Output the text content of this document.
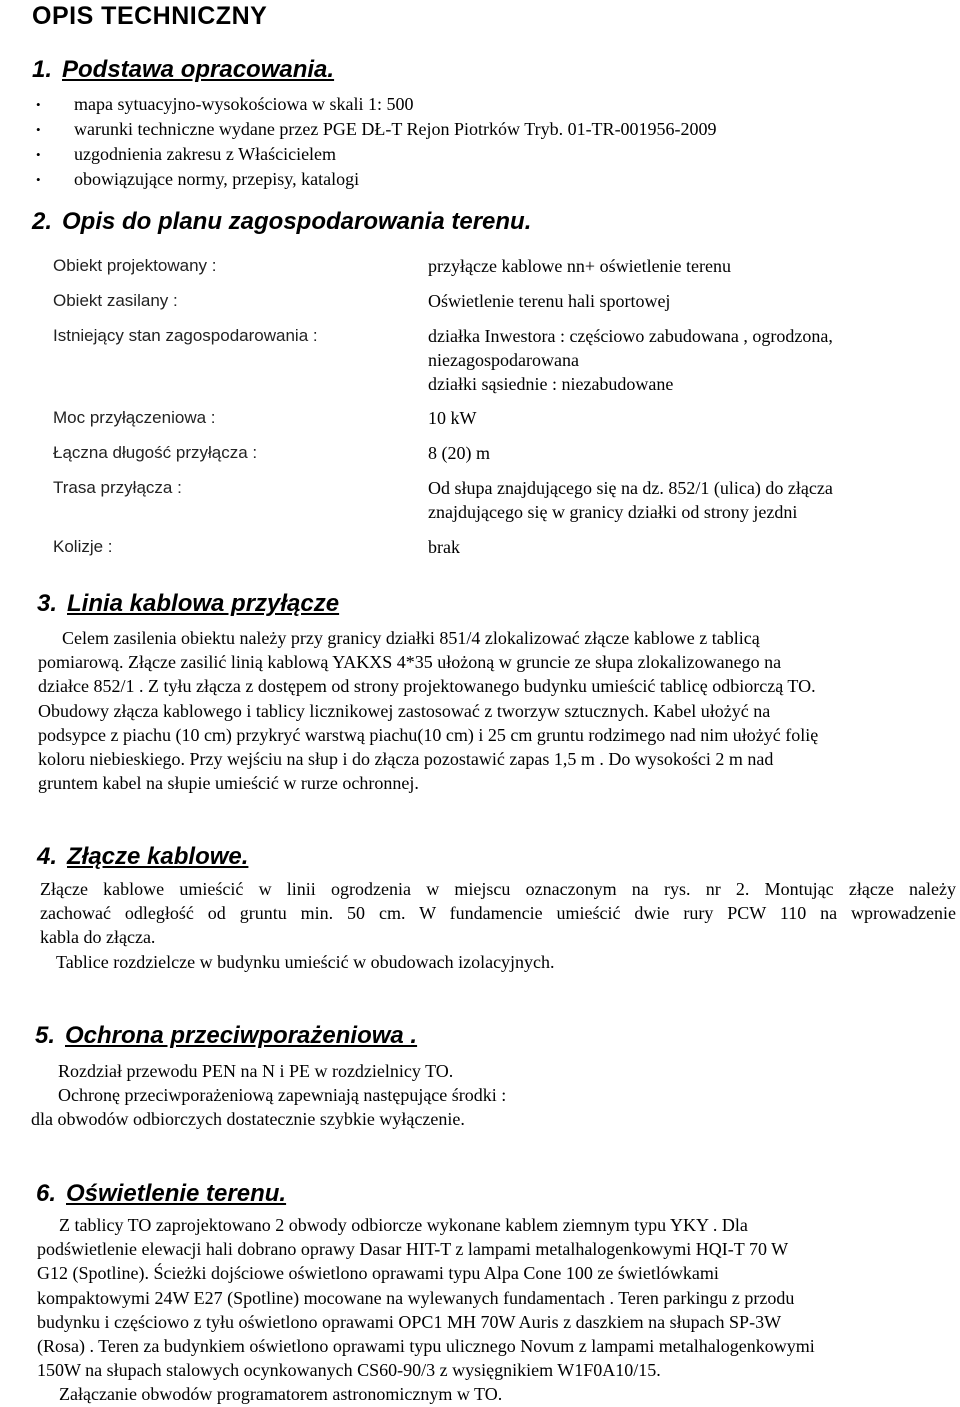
OPIS TECHNICZNY
1. Podstawa opracowania.
• mapa sytuacyjno-wysokościowa w skali 1: 500
• warunki techniczne wydane przez PGE DŁ-T Rejon Piotrków Tryb. 01-TR-001956-2009
• uzgodnienia zakresu z Właścicielem
• obowiązujące normy, przepisy, katalogi
2. Opis do planu zagospodarowania terenu.
Obiekt projektowany :	przyłącze kablowe nn+ oświetlenie terenu
Obiekt zasilany :	Oświetlenie terenu hali sportowej
Istniejący stan zagospodarowania :	działka Inwestora : częściowo zabudowana , ogrodzona,
niezagospodarowana
działki sąsiednie : niezabudowane
Moc przyłączeniowa :	10 kW
Łączna długość przyłącza :	8 (20) m
Trasa przyłącza :	Od słupa znajdującego się na dz. 852/1 (ulica) do złącza
znajdującego się w granicy działki od strony jezdni
Kolizje :	brak
3. Linia kablowa przyłącze
Celem zasilenia obiektu należy przy granicy działki 851/4 zlokalizować złącze kablowe z tablicą
pomiarową. Złącze zasilić linią kablową YAKXS 4*35 ułożoną w gruncie ze słupa zlokalizowanego na
działce 852/1 . Z tyłu złącza z dostępem od strony projektowanego budynku umieścić tablicę odbiorczą TO.
Obudowy złącza kablowego i tablicy licznikowej zastosować z tworzyw sztucznych. Kabel ułożyć na
podsypce z piachu (10 cm) przykryć warstwą piachu(10 cm) i 25 cm gruntu rodzimego nad nim ułożyć folię
koloru niebieskiego. Przy wejściu na słup i do złącza pozostawić zapas 1,5 m . Do wysokości 2 m nad
gruntem kabel na słupie umieścić w rurze ochronnej.
4. Złącze kablowe.
Złącze kablowe umieścić w linii ogrodzenia w miejscu oznaczonym na rys. nr 2. Montując złącze należy
zachować odległość od gruntu min. 50 cm. W fundamencie umieścić dwie rury PCW 110 na wprowadzenie
kabla do złącza.
Tablice rozdzielcze w budynku umieścić w obudowach izolacyjnych.
5. Ochrona przeciwporażeniowa .
Rozdział przewodu PEN na N i PE w rozdzielnicy TO.
Ochronę przeciwporażeniową zapewniają następujące środki :
dla obwodów odbiorczych dostatecznie szybkie wyłączenie.
6. Oświetlenie terenu.
Z tablicy TO zaprojektowano 2 obwody odbiorcze wykonane kablem ziemnym typu YKY . Dla
podświetlenie elewacji hali dobrano oprawy Dasar HIT-T z lampami metalhalogenkowymi HQI-T 70 W
G12 (Spotline). Ścieżki dojściowe oświetlono oprawami typu Alpa Cone 100 ze świetlówkami
kompaktowymi 24W E27 (Spotline) mocowane na wylewanych fundamentach . Teren parkingu z przodu
budynku i częściowo z tyłu oświetlono oprawami OPC1 MH 70W Auris z daszkiem na słupach SP-3W
(Rosa) . Teren za budynkiem oświetlono oprawami typu ulicznego Novum z lampami metalhalogenkowymi
150W na słupach stalowych ocynkowanych CS60-90/3 z wysięgnikiem W1F0A10/15.
Załączanie obwodów programatorem astronomicznym w TO.
